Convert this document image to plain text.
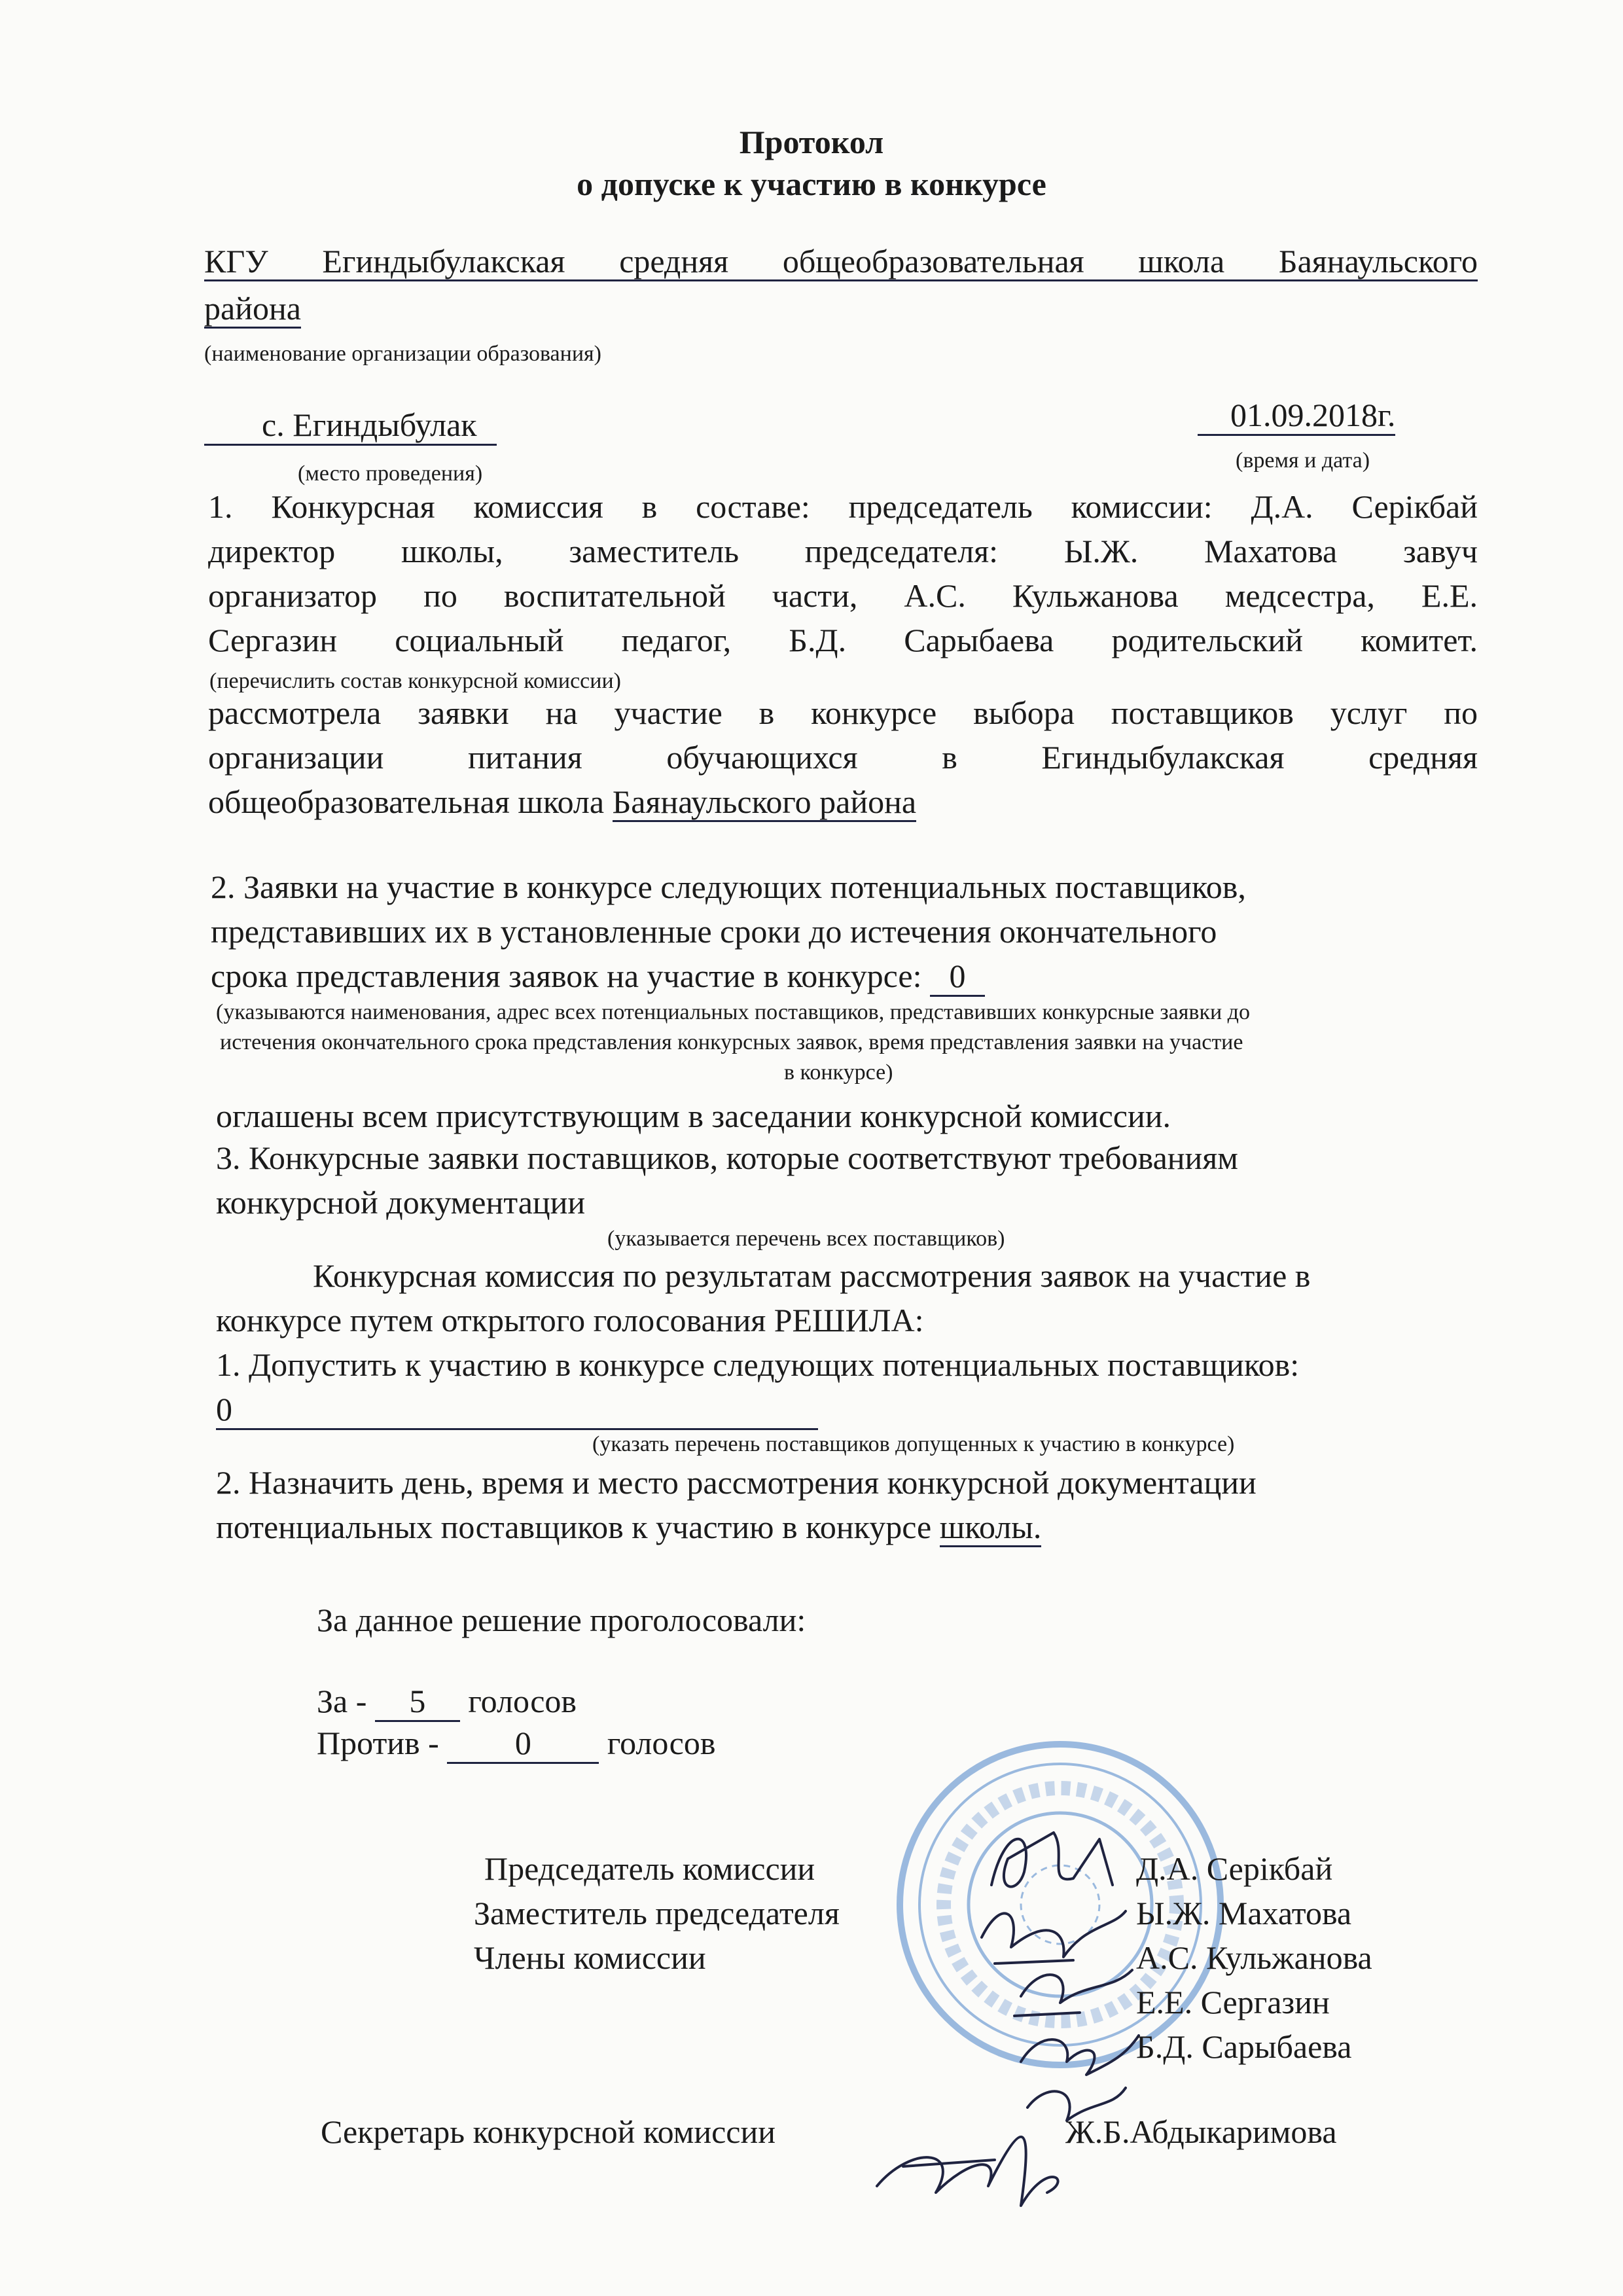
Протокол
о допуске к участию в конкурсе
КГУ Егиндыбулакская средняя общеобразовательная школа Баянаульского
района
(наименование организации образования)
с. Егиндыбулак	01.09.2018г.
(место проведения)
(время и дата)
1. Конкурсная комиссия в составе: председатель комиссии: Д.А. Серікбай
директор школы, заместитель председателя: Ы.Ж. Махатова завуч
организатор по воспитательной части, А.С. Кульжанова медсестра, Е.Е.
Сергазин социальный педагог, Б.Д. Сарыбаева родительский комитет.
(перечислить состав конкурсной комиссии)
рассмотрела заявки на участие в конкурсе выбора поставщиков услуг по
организации питания обучающихся в Егиндыбулакская средняя
общеобразовательная школа Баянаульского района
2. Заявки на участие в конкурсе следующих потенциальных поставщиков,
представивших их в установленные сроки до истечения окончательного
срока представления заявок на участие в конкурсе: 0
(указываются наименования, адрес всех потенциальных поставщиков, представивших конкурсные заявки до
истечения окончательного срока представления конкурсных заявок, время представления заявки на участие
в конкурсе)
оглашены всем присутствующим в заседании конкурсной комиссии.
3. Конкурсные заявки поставщиков, которые соответствуют требованиям
конкурсной документации
(указывается перечень всех поставщиков)
Конкурсная комиссия по результатам рассмотрения заявок на участие в
конкурсе путем открытого голосования РЕШИЛА:
1. Допустить к участию в конкурсе следующих потенциальных поставщиков:
0
(указать перечень поставщиков допущенных к участию в конкурсе)
2. Назначить день, время и место рассмотрения конкурсной документации
потенциальных поставщиков к участию в конкурсе школы.
За данное решение проголосовали:
За - 5 голосов
Против - 0 голосов
Председатель комиссии
Заместитель председателя
Члены комиссии
Д.А. Серікбай
Ы.Ж. Махатова
А.С. Кульжанова
Е.Е. Сергазин
Б.Д. Сарыбаева
Секретарь конкурсной комиссии	Ж.Б.Абдыкаримова
